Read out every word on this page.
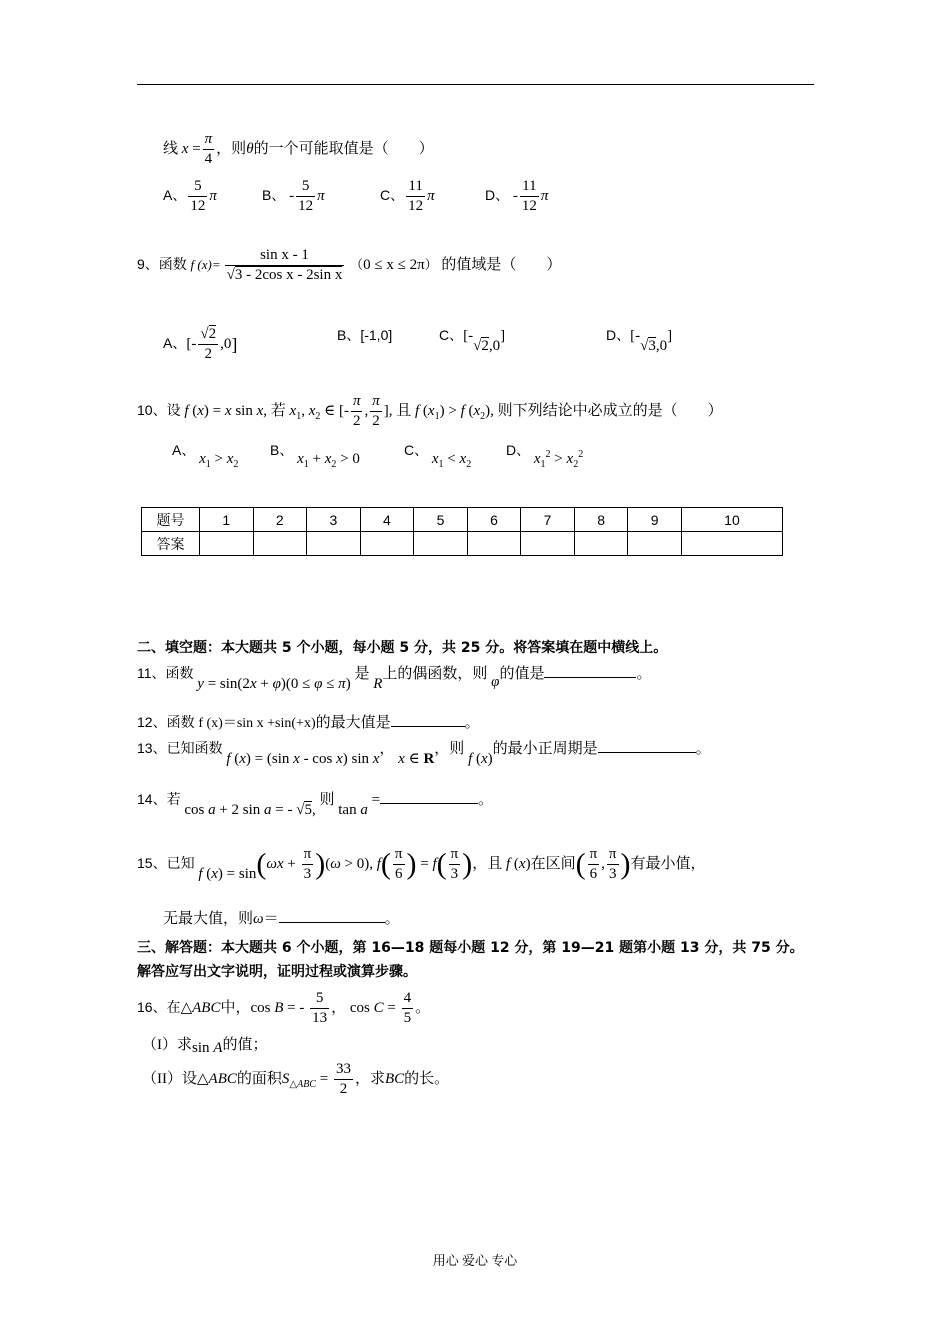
线 $x = \frac{\pi}{4}$ ，则θ的一个可能取值是（　　）
A、 $\frac{5}{12}$ π	B、 - $\frac{5}{12}$ π	C、 $\frac{11}{12}$ π	D、 - $\frac{11}{12}$ π
9、函数 f $(x)= \frac{\text{sin x - 1}}{\text{√3 - 2cos x - 2sin x}} (0 \le x \le 2\pi)$ 的值域是（　　）
A、[- $\frac{√2}{2} ,0$]	B、[-1,0]	C、[-√2,0]	D、[-√3,0]
10、设 f (x) = x sin x, 若 $x_1$, $x_2$ ∈ [- $\frac{\pi}{2}$ , $\frac{\pi}{2}$ ], 且 f $(x_1) > f$ $(x_2)$, 则下列结论中必成立的是（　　）
A、 $x_1 > x_2$
B、 $x_1 + x_2 > 0$
C、 $x_1 < x_2$
D、 $x_1^2 > x_2^2$
题号	1	2	3	4	5	6	7	8	9	10
答案										
二、填空题：本大题共 5 个小题，每小题 5 分，共 25 分。将答案填在题中横线上。
11、函数 y = sin(2x + φ)(0 ≤ φ ≤ π) 是 R上的偶函数，则 φ的值是	。
12、函数 f (x)＝sin x +sin(+x)的最大值是	。
13、已知函数 f (x) = (sin x - cos x) sin x， x ∈ R，则 f (x)的最小正周期是	。
14、若 cos a + 2 sin a = - √5, 则 tan a =	。
15、已知 f $(x) = \sin(\omega x + \frac{\pi}{3} )(\omega > 0)$, $f( \frac{\pi}{6}$ ) = $f( \frac{\pi}{3}$ )，且 f (x)在区间( $\frac{\pi}{6}$ , $\frac{\pi}{3}$ )有最小值，
无最大值，则ω＝	。
三、解答题：本大题共 6 个小题，第 16—18 题每小题 12 分，第 19—21 题第小题 13 分，共 75 分。
解答应写出文字说明，证明过程或演算步骤。
16、在△ABC中，cos B = - $\frac{5}{13}$ ， $\cos C = \frac{4}{5}$ 。
（I）求sin A的值；
（II）设△ABC的面积$S_{\triangle ABC} = \frac{33}{2}$ ，求BC的长。
用心 爱心 专心
